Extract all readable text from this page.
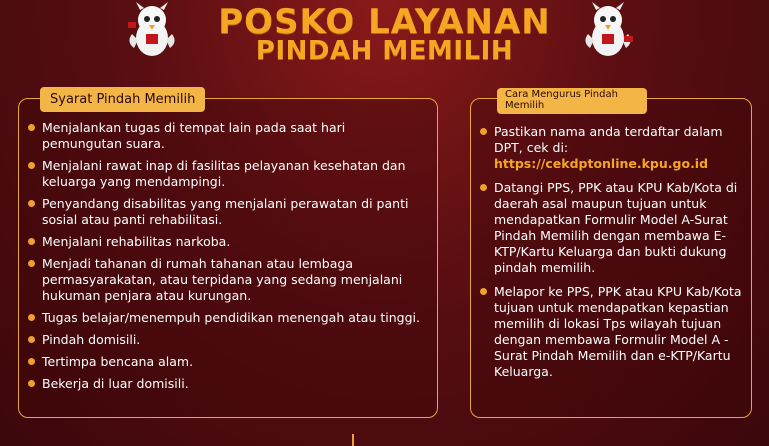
POSKO LAYANAN
PINDAH MEMILIH
Syarat Pindah Memilih	Cara Mengurus Pindah Memilih
Menjalankan tugas di tempat lain pada saat hari pemungutan suara.
Menjalani rawat inap di fasilitas pelayanan kesehatan dan keluarga yang mendampingi.
Penyandang disabilitas yang menjalani perawatan di panti sosial atau panti rehabilitasi.
Menjalani rehabilitas narkoba.
Menjadi tahanan di rumah tahanan atau lembaga permasyarakatan, atau terpidana yang sedang menjalani hukuman penjara atau kurungan.
Tugas belajar/menempuh pendidikan menengah atau tinggi.
Pindah domisili.
Tertimpa bencana alam.
Bekerja di luar domisili.
Pastikan nama anda terdaftar dalam DPT, cek di:
https://cekdptonline.kpu.go.id
Datangi PPS, PPK atau KPU Kab/Kota di daerah asal maupun tujuan untuk mendapatkan Formulir Model A-Surat Pindah Memilih dengan membawa E-KTP/Kartu Keluarga dan bukti dukung pindah memilih.
Melapor ke PPS, PPK atau KPU Kab/Kota tujuan untuk mendapatkan kepastian memilih di lokasi Tps wilayah tujuan dengan membawa Formulir Model A - Surat Pindah Memilih dan e-KTP/Kartu Keluarga.
